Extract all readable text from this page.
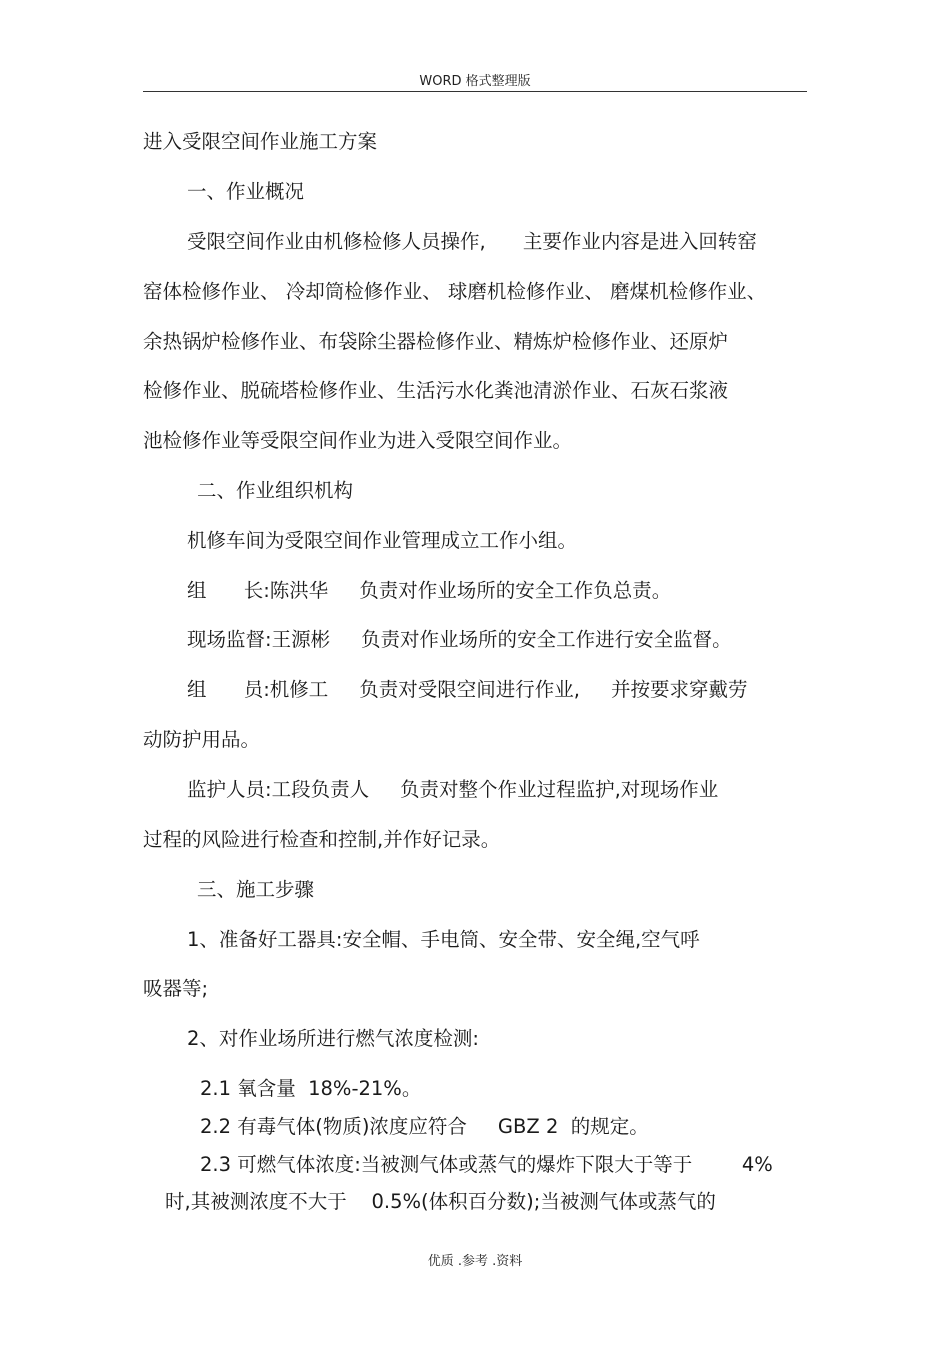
WORD 格式整理版
进入受限空间作业施工方案
一、作业概况
受限空间作业由机修检修人员操作,      主要作业内容是进入回转窑
窑体检修作业、 冷却筒检修作业、 球磨机检修作业、 磨煤机检修作业、
余热锅炉检修作业、布袋除尘器检修作业、精炼炉检修作业、还原炉
检修作业、脱硫塔检修作业、生活污水化粪池清淤作业、石灰石浆液
池检修作业等受限空间作业为进入受限空间作业。
二、作业组织机构
机修车间为受限空间作业管理成立工作小组。
组      长:陈洪华     负责对作业场所的安全工作负总责。
现场监督:王源彬     负责对作业场所的安全工作进行安全监督。
组      员:机修工     负责对受限空间进行作业,     并按要求穿戴劳
动防护用品。
监护人员:工段负责人     负责对整个作业过程监护,对现场作业
过程的风险进行检查和控制,并作好记录。
三、施工步骤
1、准备好工器具:安全帽、手电筒、安全带、安全绳,空气呼
吸器等;
2、对作业场所进行燃气浓度检测:
2.1 氧含量  18%-21%。
2.2 有毒气体(物质)浓度应符合     GBZ 2  的规定。
2.3 可燃气体浓度:当被测气体或蒸气的爆炸下限大于等于        4%
时,其被测浓度不大于    0.5%(体积百分数);当被测气体或蒸气的
优质 .参考 .资料
